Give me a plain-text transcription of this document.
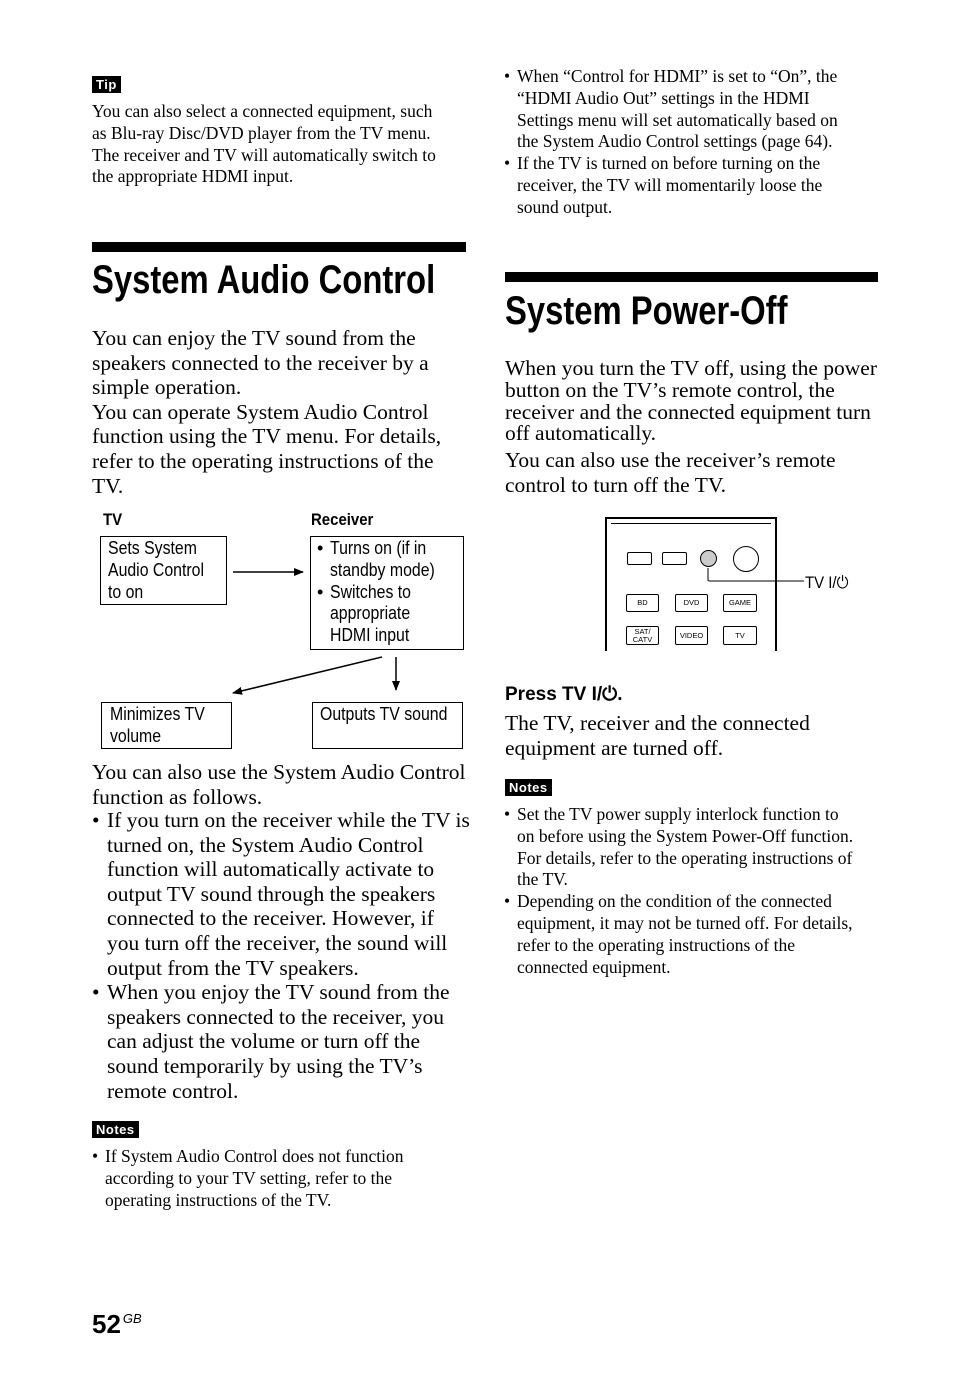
Tip
You can also select a connected equipment, such
as Blu-ray Disc/DVD player from the TV menu.
The receiver and TV will automatically switch to
the appropriate HDMI input.
System Audio Control
You can enjoy the TV sound from the
speakers connected to the receiver by a
simple operation.
You can operate System Audio Control
function using the TV menu. For details,
refer to the operating instructions of the
TV.
TV	Receiver
Sets System
Audio Control
to on
• Turns on (if in
standby mode)
• Switches to
appropriate
HDMI input
Minimizes TV
volume
Outputs TV sound
You can also use the System Audio Control
function as follows.
• If you turn on the receiver while the TV is
turned on, the System Audio Control
function will automatically activate to
output TV sound through the speakers
connected to the receiver. However, if
you turn off the receiver, the sound will
output from the TV speakers.
• When you enjoy the TV sound from the
speakers connected to the receiver, you
can adjust the volume or turn off the
sound temporarily by using the TV’s
remote control.
Notes
• If System Audio Control does not function
according to your TV setting, refer to the
operating instructions of the TV.
• When “Control for HDMI” is set to “On”, the
“HDMI Audio Out” settings in the HDMI
Settings menu will set automatically based on
the System Audio Control settings (page 64).
• If the TV is turned on before turning on the
receiver, the TV will momentarily loose the
sound output.
System Power-Off
When you turn the TV off, using the power
button on the TV’s remote control, the
receiver and the connected equipment turn
off automatically.
You can also use the receiver’s remote
control to turn off the TV.
BD	DVD	GAME
SAT/
CATV	VIDEO	TV
TV I/⏻
Press TV I/⏻.
The TV, receiver and the connected
equipment are turned off.
Notes
• Set the TV power supply interlock function to
on before using the System Power-Off function.
For details, refer to the operating instructions of
the TV.
• Depending on the condition of the connected
equipment, it may not be turned off. For details,
refer to the operating instructions of the
connected equipment.
52 $^{GB}$
